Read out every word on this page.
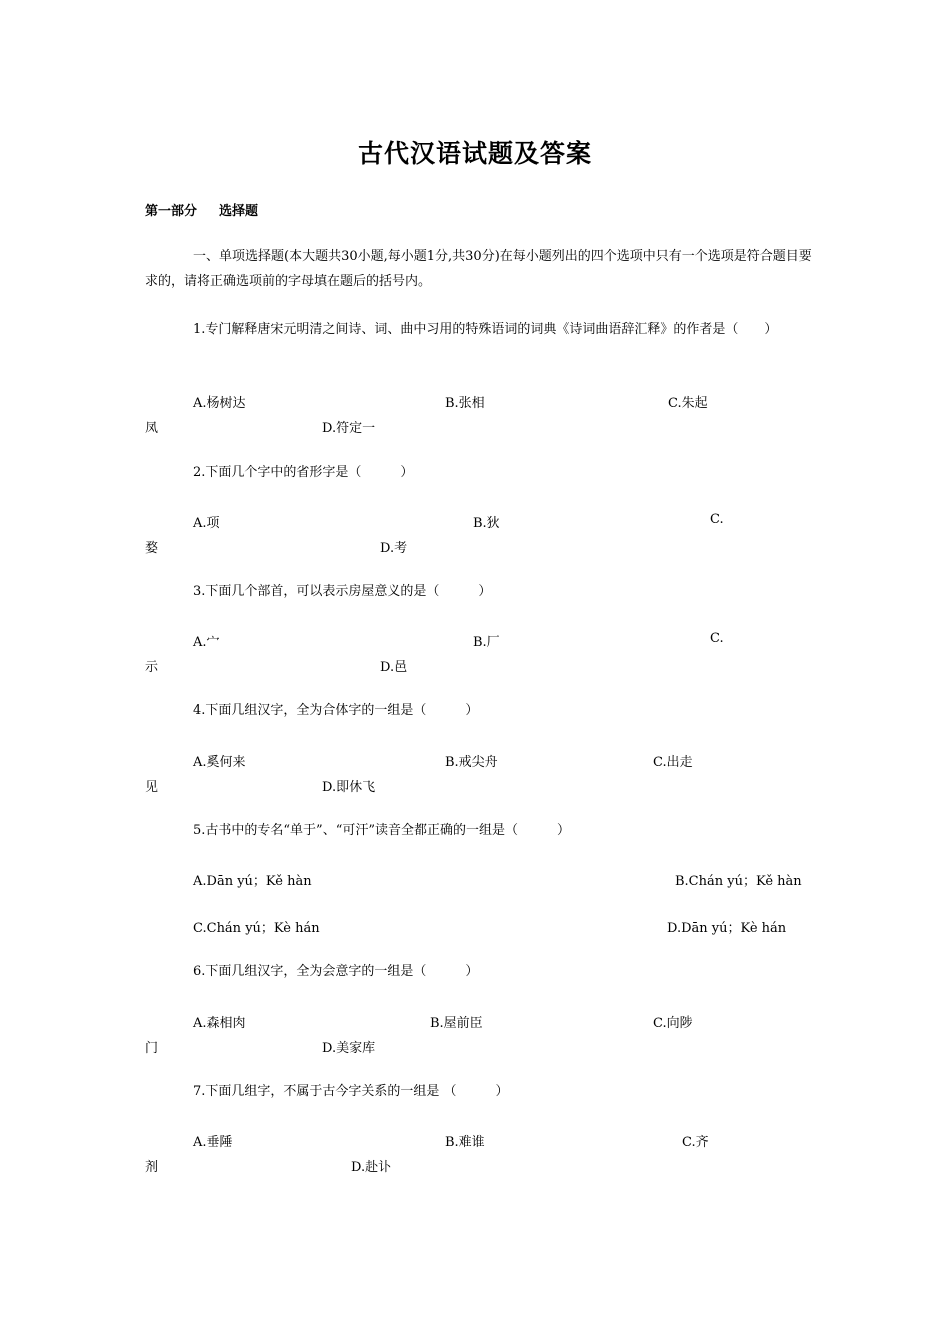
古代汉语试题及答案
第一部分 选择题
一、单项选择题(本大题共30小题,每小题1分,共30分)在每小题列出的四个选项中只有一个选项是符合题目要求的，请将正确选项前的字母填在题后的括号内。
1.专门解释唐宋元明清之间诗、词、曲中习用的特殊语词的词典《诗词曲语辞汇释》的作者是（　　）
A.杨树达	B.张相	C.朱起
凤	D.符定一
2.下面几个字中的省形字是（　　　）
A.项	B.狄	C.
婺	D.考
3.下面几个部首，可以表示房屋意义的是（　　　）
A.宀	B.厂	C.
示	D.邑
4.下面几组汉字，全为合体字的一组是（　　　）
A.奚何来	B.戒尖舟	C.出走
见	D.即休飞
5.古书中的专名“单于”、“可汗”读音全都正确的一组是（　　　）
A.Dān yú；Kě hàn	B.Chán yú；Kě hàn
C.Chán yú；Kè hán	D.Dān yú；Kè hán
6.下面几组汉字，全为会意字的一组是（　　　）
A.森相肉	B.屋前臣	C.向陟
门	D.美家库
7.下面几组字，不属于古今字关系的一组是 （　　　）
A.垂陲	B.难谁	C.齐
剂	D.赴讣
